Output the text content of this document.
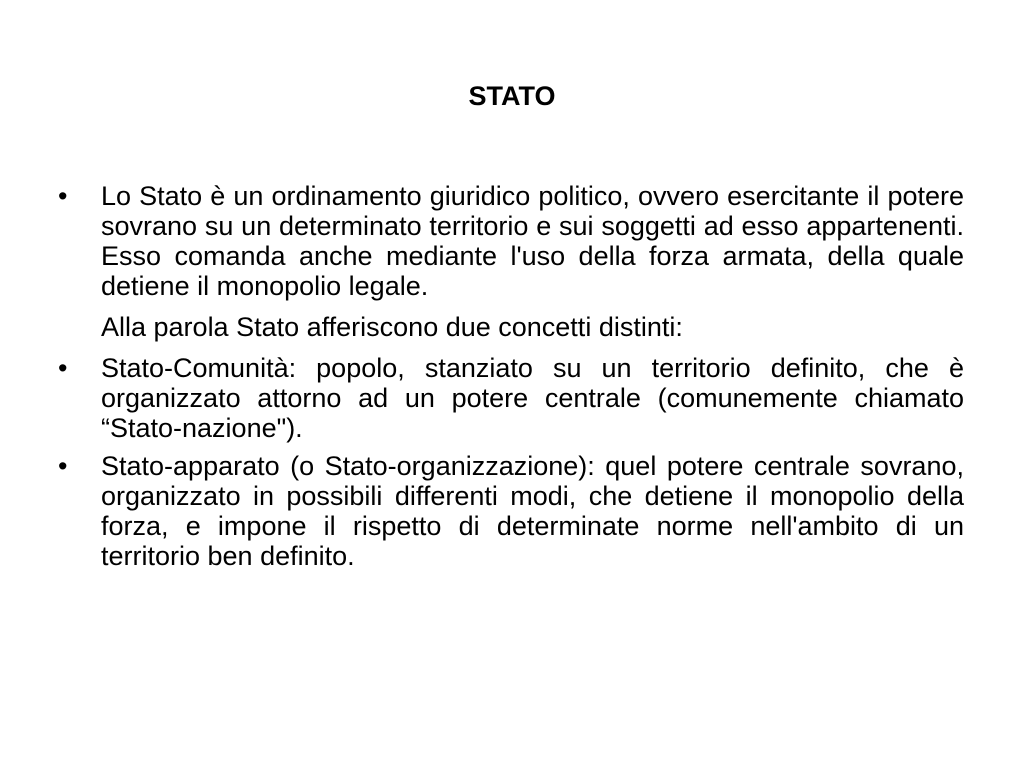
STATO
•	Lo Stato è un ordinamento giuridico politico, ovvero esercitante il potere sovrano su un determinato territorio e sui soggetti ad esso appartenenti. Esso comanda anche mediante l'uso della forza armata, della quale detiene il monopolio legale.
Alla parola Stato afferiscono due concetti distinti:
•	Stato-Comunità: popolo, stanziato su un territorio definito, che è organizzato attorno ad un potere centrale (comunemente chiamato “Stato-nazione").
•	Stato-apparato (o Stato-organizzazione): quel potere centrale sovrano, organizzato in possibili differenti modi, che detiene il monopolio della forza, e impone il rispetto di determinate norme nell'ambito di un territorio ben definito.
